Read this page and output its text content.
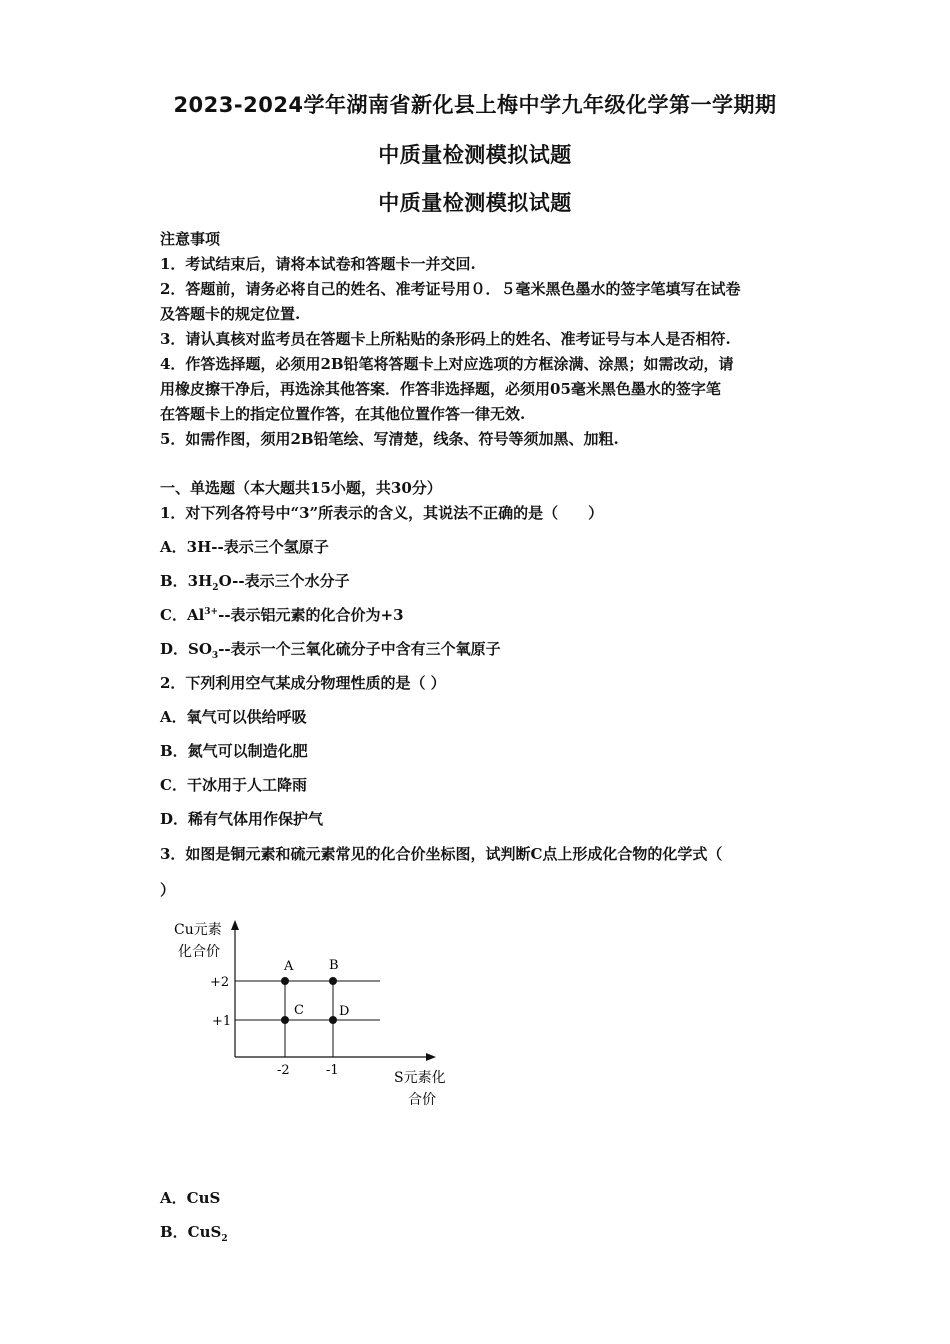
2023-2024学年湖南省新化县上梅中学九年级化学第一学期期
中质量检测模拟试题
中质量检测模拟试题
注意事项
1．考试结束后，请将本试卷和答题卡一并交回.
2．答题前，请务必将自己的姓名、准考证号用０．５毫米黑色墨水的签字笔填写在试卷
及答题卡的规定位置.
3．请认真核对监考员在答题卡上所粘贴的条形码上的姓名、准考证号与本人是否相符.
4．作答选择题，必须用2B铅笔将答题卡上对应选项的方框涂满、涂黑；如需改动，请
用橡皮擦干净后，再选涂其他答案．作答非选择题，必须用05毫米黑色墨水的签字笔
在答题卡上的指定位置作答，在其他位置作答一律无效.
5．如需作图，须用2B铅笔绘、写清楚，线条、符号等须加黑、加粗.
一、单选题（本大题共15小题，共30分）
1．对下列各符号中“3”所表示的含义，其说法不正确的是（　　）
A．3H--表示三个氢原子
B．$3H_2O--$表示三个水分子
C．$Al^{3+}--$表示铝元素的化合价为+3
D．$SO_3--$表示一个三氧化硫分子中含有三个氧原子
2．下列利用空气某成分物理性质的是（ ）
A．氧气可以供给呼吸
B．氮气可以制造化肥
C．干冰用于人工降雨
D．稀有气体用作保护气
3．如图是铜元素和硫元素常见的化合价坐标图，试判断C点上形成化合物的化学式（
）
Cu元素
化合价
+2
+1
-2	-1
A	B
C	D
S元素化
合价
A．CuS
B．CuS$_2$
